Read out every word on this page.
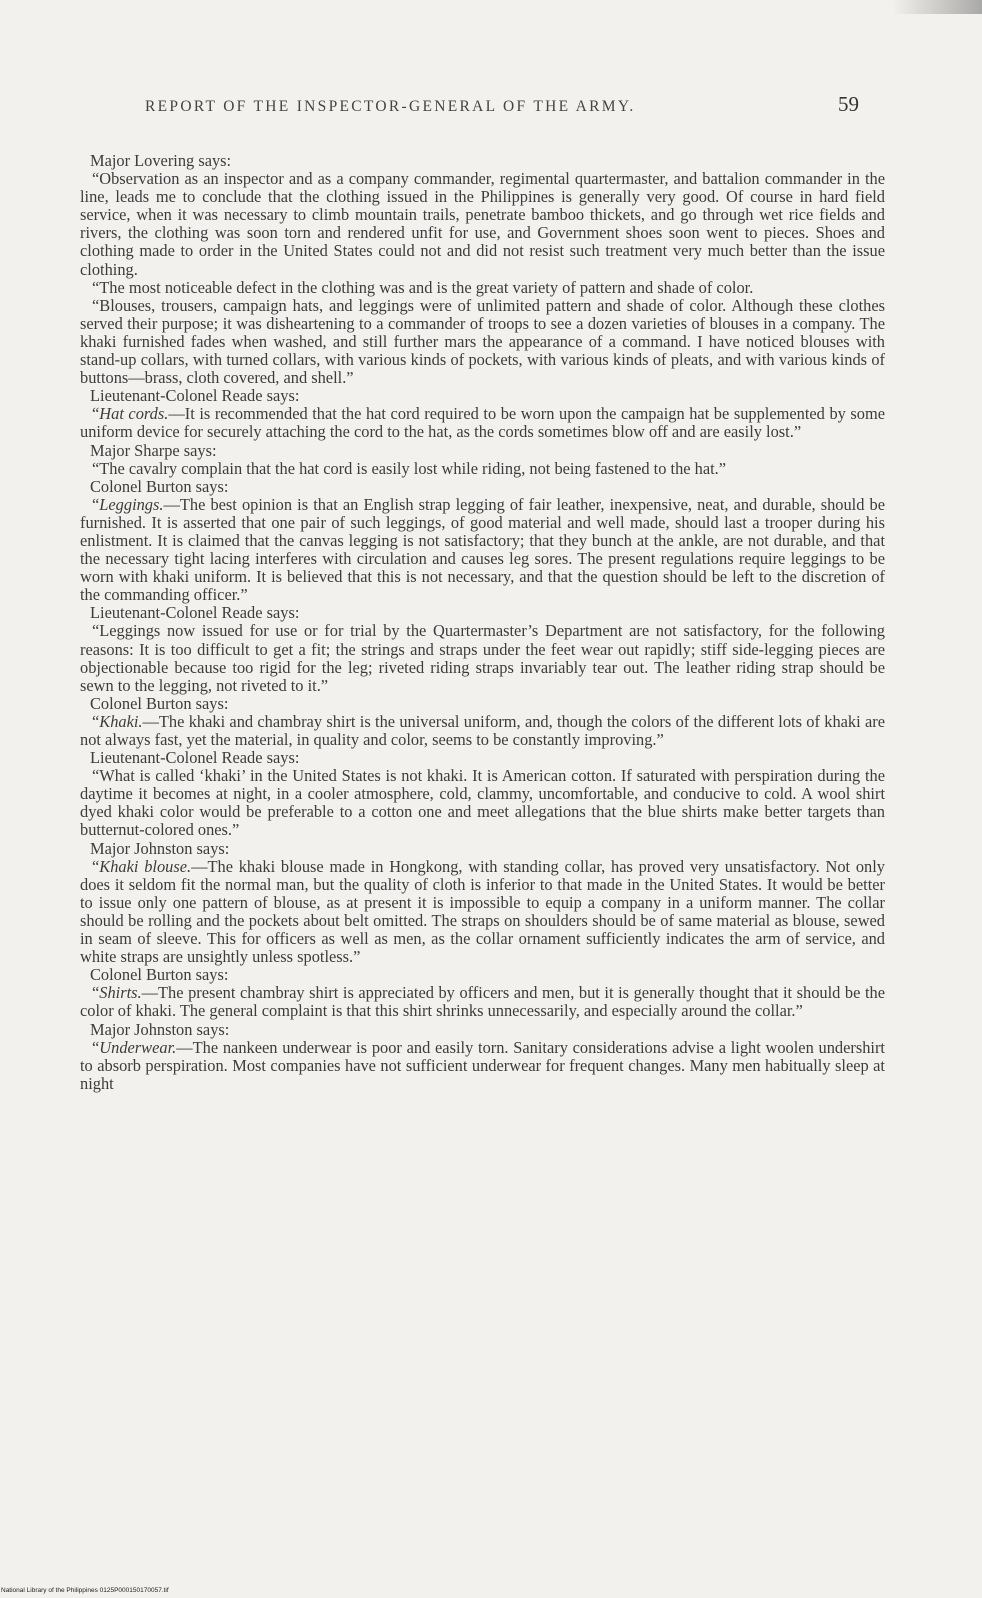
REPORT OF THE INSPECTOR-GENERAL OF THE ARMY.	59

Major Lovering says:

“Observation as an inspector and as a company commander, regimental quartermaster, and battalion commander in the line, leads me to conclude that the clothing issued in the Philippines is generally very good. Of course in hard field service, when it was necessary to climb mountain trails, penetrate bamboo thickets, and go through wet rice fields and rivers, the clothing was soon torn and rendered unfit for use, and Government shoes soon went to pieces. Shoes and clothing made to order in the United States could not and did not resist such treatment very much better than the issue clothing.

“The most noticeable defect in the clothing was and is the great variety of pattern and shade of color.

“Blouses, trousers, campaign hats, and leggings were of unlimited pattern and shade of color. Although these clothes served their purpose; it was disheartening to a commander of troops to see a dozen varieties of blouses in a company. The khaki furnished fades when washed, and still further mars the appearance of a command. I have noticed blouses with stand-up collars, with turned collars, with various kinds of pockets, with various kinds of pleats, and with various kinds of buttons—brass, cloth covered, and shell.”

Lieutenant-Colonel Reade says:

“Hat cords.—It is recommended that the hat cord required to be worn upon the campaign hat be supplemented by some uniform device for securely attaching the cord to the hat, as the cords sometimes blow off and are easily lost.”

Major Sharpe says:

“The cavalry complain that the hat cord is easily lost while riding, not being fastened to the hat.”

Colonel Burton says:

“Leggings.—The best opinion is that an English strap legging of fair leather, inexpensive, neat, and durable, should be furnished. It is asserted that one pair of such leggings, of good material and well made, should last a trooper during his enlistment. It is claimed that the canvas legging is not satisfactory; that they bunch at the ankle, are not durable, and that the necessary tight lacing interferes with circulation and causes leg sores. The present regulations require leggings to be worn with khaki uniform. It is believed that this is not necessary, and that the question should be left to the discretion of the commanding officer.”

Lieutenant-Colonel Reade says:

“Leggings now issued for use or for trial by the Quartermaster’s Department are not satisfactory, for the following reasons: It is too difficult to get a fit; the strings and straps under the feet wear out rapidly; stiff side-legging pieces are objectionable because too rigid for the leg; riveted riding straps invariably tear out. The leather riding strap should be sewn to the legging, not riveted to it.”

Colonel Burton says:

“Khaki.—The khaki and chambray shirt is the universal uniform, and, though the colors of the different lots of khaki are not always fast, yet the material, in quality and color, seems to be constantly improving.”

Lieutenant-Colonel Reade says:

“What is called ‘khaki’ in the United States is not khaki. It is American cotton. If saturated with perspiration during the daytime it becomes at night, in a cooler atmosphere, cold, clammy, uncomfortable, and conducive to cold. A wool shirt dyed khaki color would be preferable to a cotton one and meet allegations that the blue shirts make better targets than butternut-colored ones.”

Major Johnston says:

“Khaki blouse.—The khaki blouse made in Hongkong, with standing collar, has proved very unsatisfactory. Not only does it seldom fit the normal man, but the quality of cloth is inferior to that made in the United States. It would be better to issue only one pattern of blouse, as at present it is impossible to equip a company in a uniform manner. The collar should be rolling and the pockets about belt omitted. The straps on shoulders should be of same material as blouse, sewed in seam of sleeve. This for officers as well as men, as the collar ornament sufficiently indicates the arm of service, and white straps are unsightly unless spotless.”

Colonel Burton says:

“Shirts.—The present chambray shirt is appreciated by officers and men, but it is generally thought that it should be the color of khaki. The general complaint is that this shirt shrinks unnecessarily, and especially around the collar.”

Major Johnston says:

“Underwear.—The nankeen underwear is poor and easily torn. Sanitary considerations advise a light woolen undershirt to absorb perspiration. Most companies have not sufficient underwear for frequent changes. Many men habitually sleep at night

National Library of the Philippines 0125P000150170057.tif
